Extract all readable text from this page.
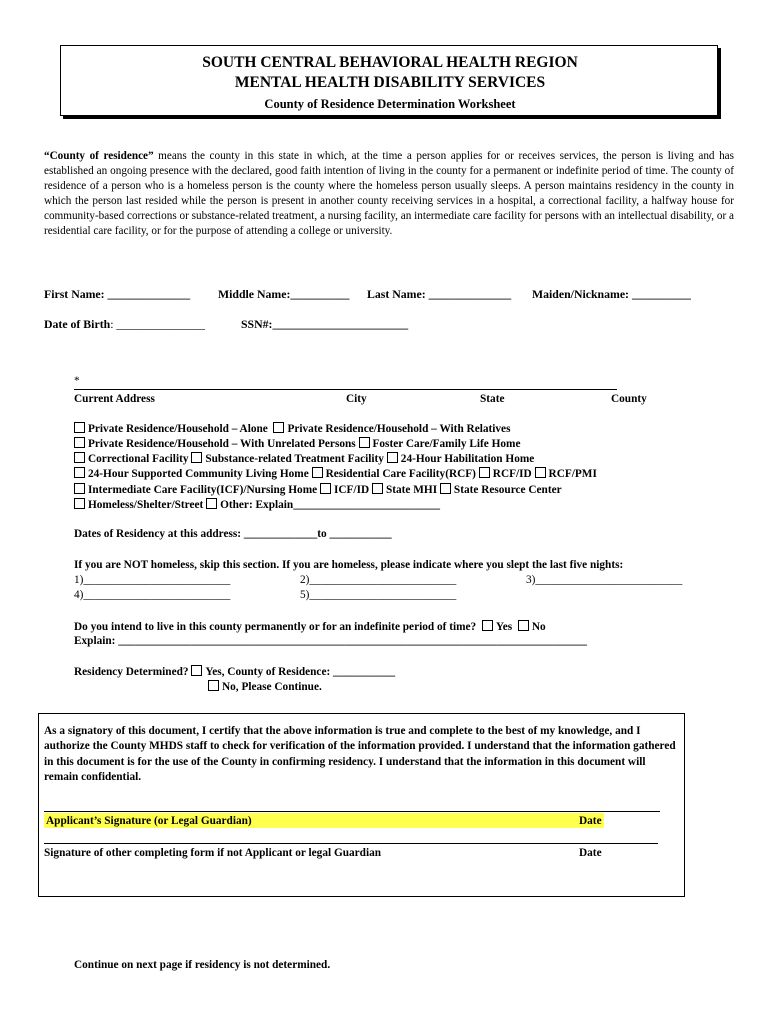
SOUTH CENTRAL BEHAVIORAL HEALTH REGION
MENTAL HEALTH DISABILITY SERVICES
County of Residence Determination Worksheet
“County of residence” means the county in this state in which, at the time a person applies for or receives services, the person is living and has established an ongoing presence with the declared, good faith intention of living in the county for a permanent or indefinite period of time. The county of residence of a person who is a homeless person is the county where the homeless person usually sleeps. A person maintains residency in the county in which the person last resided while the person is present in another county receiving services in a hospital, a correctional facility, a halfway house for community-based corrections or substance-related treatment, a nursing facility, an intermediate care facility for persons with an intellectual disability, or a residential care facility, or for the purpose of attending a college or university.
First Name: ______________ Middle Name:__________ Last Name: ______________ Maiden/Nickname: __________
Date of Birth: _______________	SSN#:_______________________
*
Current Address	City	State	County
Private Residence/Household – Alone Private Residence/Household – With Relatives
Private Residence/Household – With Unrelated Persons Foster Care/Family Life Home
Correctional Facility Substance-related Treatment Facility 24-Hour Habilitation Home
24-Hour Supported Community Living Home Residential Care Facility(RCF) RCF/ID RCF/PMI
Intermediate Care Facility(ICF)/Nursing Home ICF/ID State MHI State Resource Center
Homeless/Shelter/Street Other: Explain__________________________
Dates of Residency at this address: _____________to ___________
If you are NOT homeless, skip this section. If you are homeless, please indicate where you slept the last five nights:
1)__________________________	2)__________________________	3)__________________________
4)__________________________	5)__________________________
Do you intend to live in this county permanently or for an indefinite period of time? Yes No
Explain: ___________________________________________________________________________________
Residency Determined? Yes, County of Residence: ___________
No, Please Continue.
As a signatory of this document, I certify that the above information is true and complete to the best of my knowledge, and I authorize the County MHDS staff to check for verification of the information provided. I understand that the information gathered in this document is for the use of the County in confirming residency. I understand that the information in this document will remain confidential.
Applicant’s Signature (or Legal Guardian)	Date
Signature of other completing form if not Applicant or legal Guardian	Date
Continue on next page if residency is not determined.
